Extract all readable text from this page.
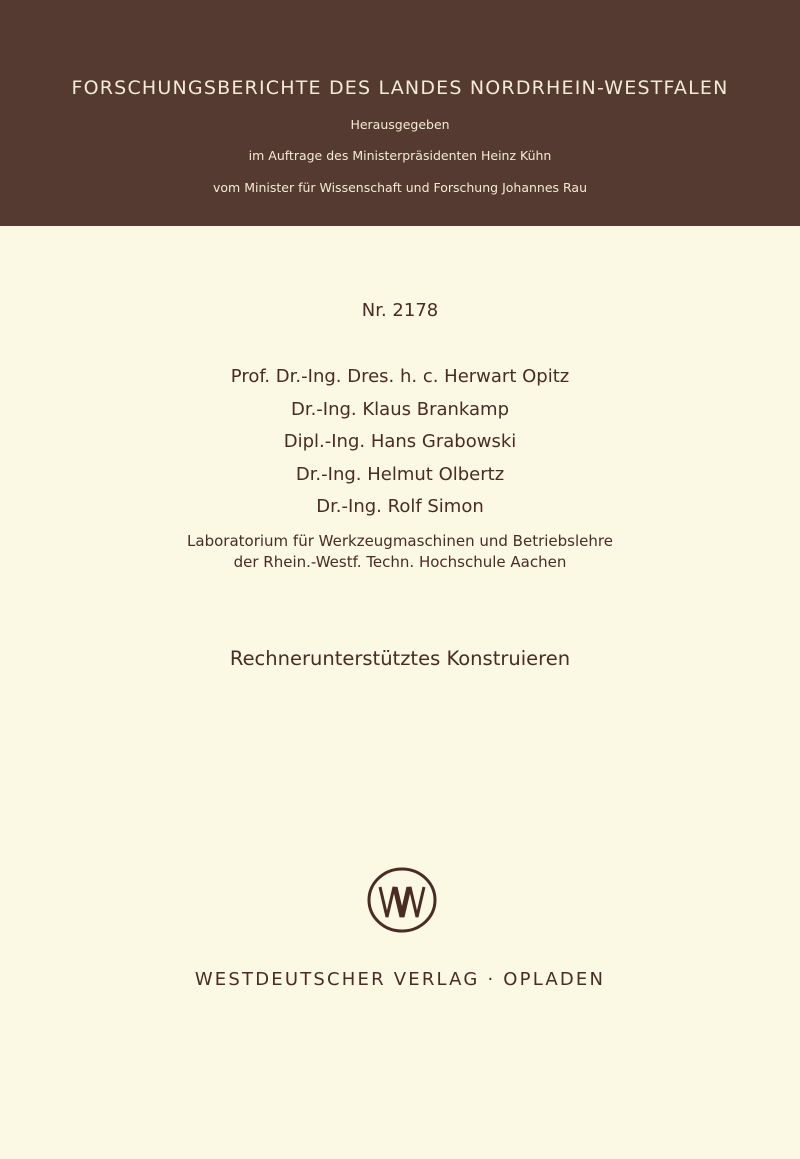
FORSCHUNGSBERICHTE DES LANDES NORDRHEIN-WESTFALEN
Herausgegeben
im Auftrage des Ministerpräsidenten Heinz Kühn
vom Minister für Wissenschaft und Forschung Johannes Rau
Nr. 2178
Prof. Dr.-Ing. Dres. h. c. Herwart Opitz
Dr.-Ing. Klaus Brankamp
Dipl.-Ing. Hans Grabowski
Dr.-Ing. Helmut Olbertz
Dr.-Ing. Rolf Simon
Laboratorium für Werkzeugmaschinen und Betriebslehre
der Rhein.-Westf. Techn. Hochschule Aachen
Rechnerunterstütztes Konstruieren
WESTDEUTSCHER VERLAG · OPLADEN
